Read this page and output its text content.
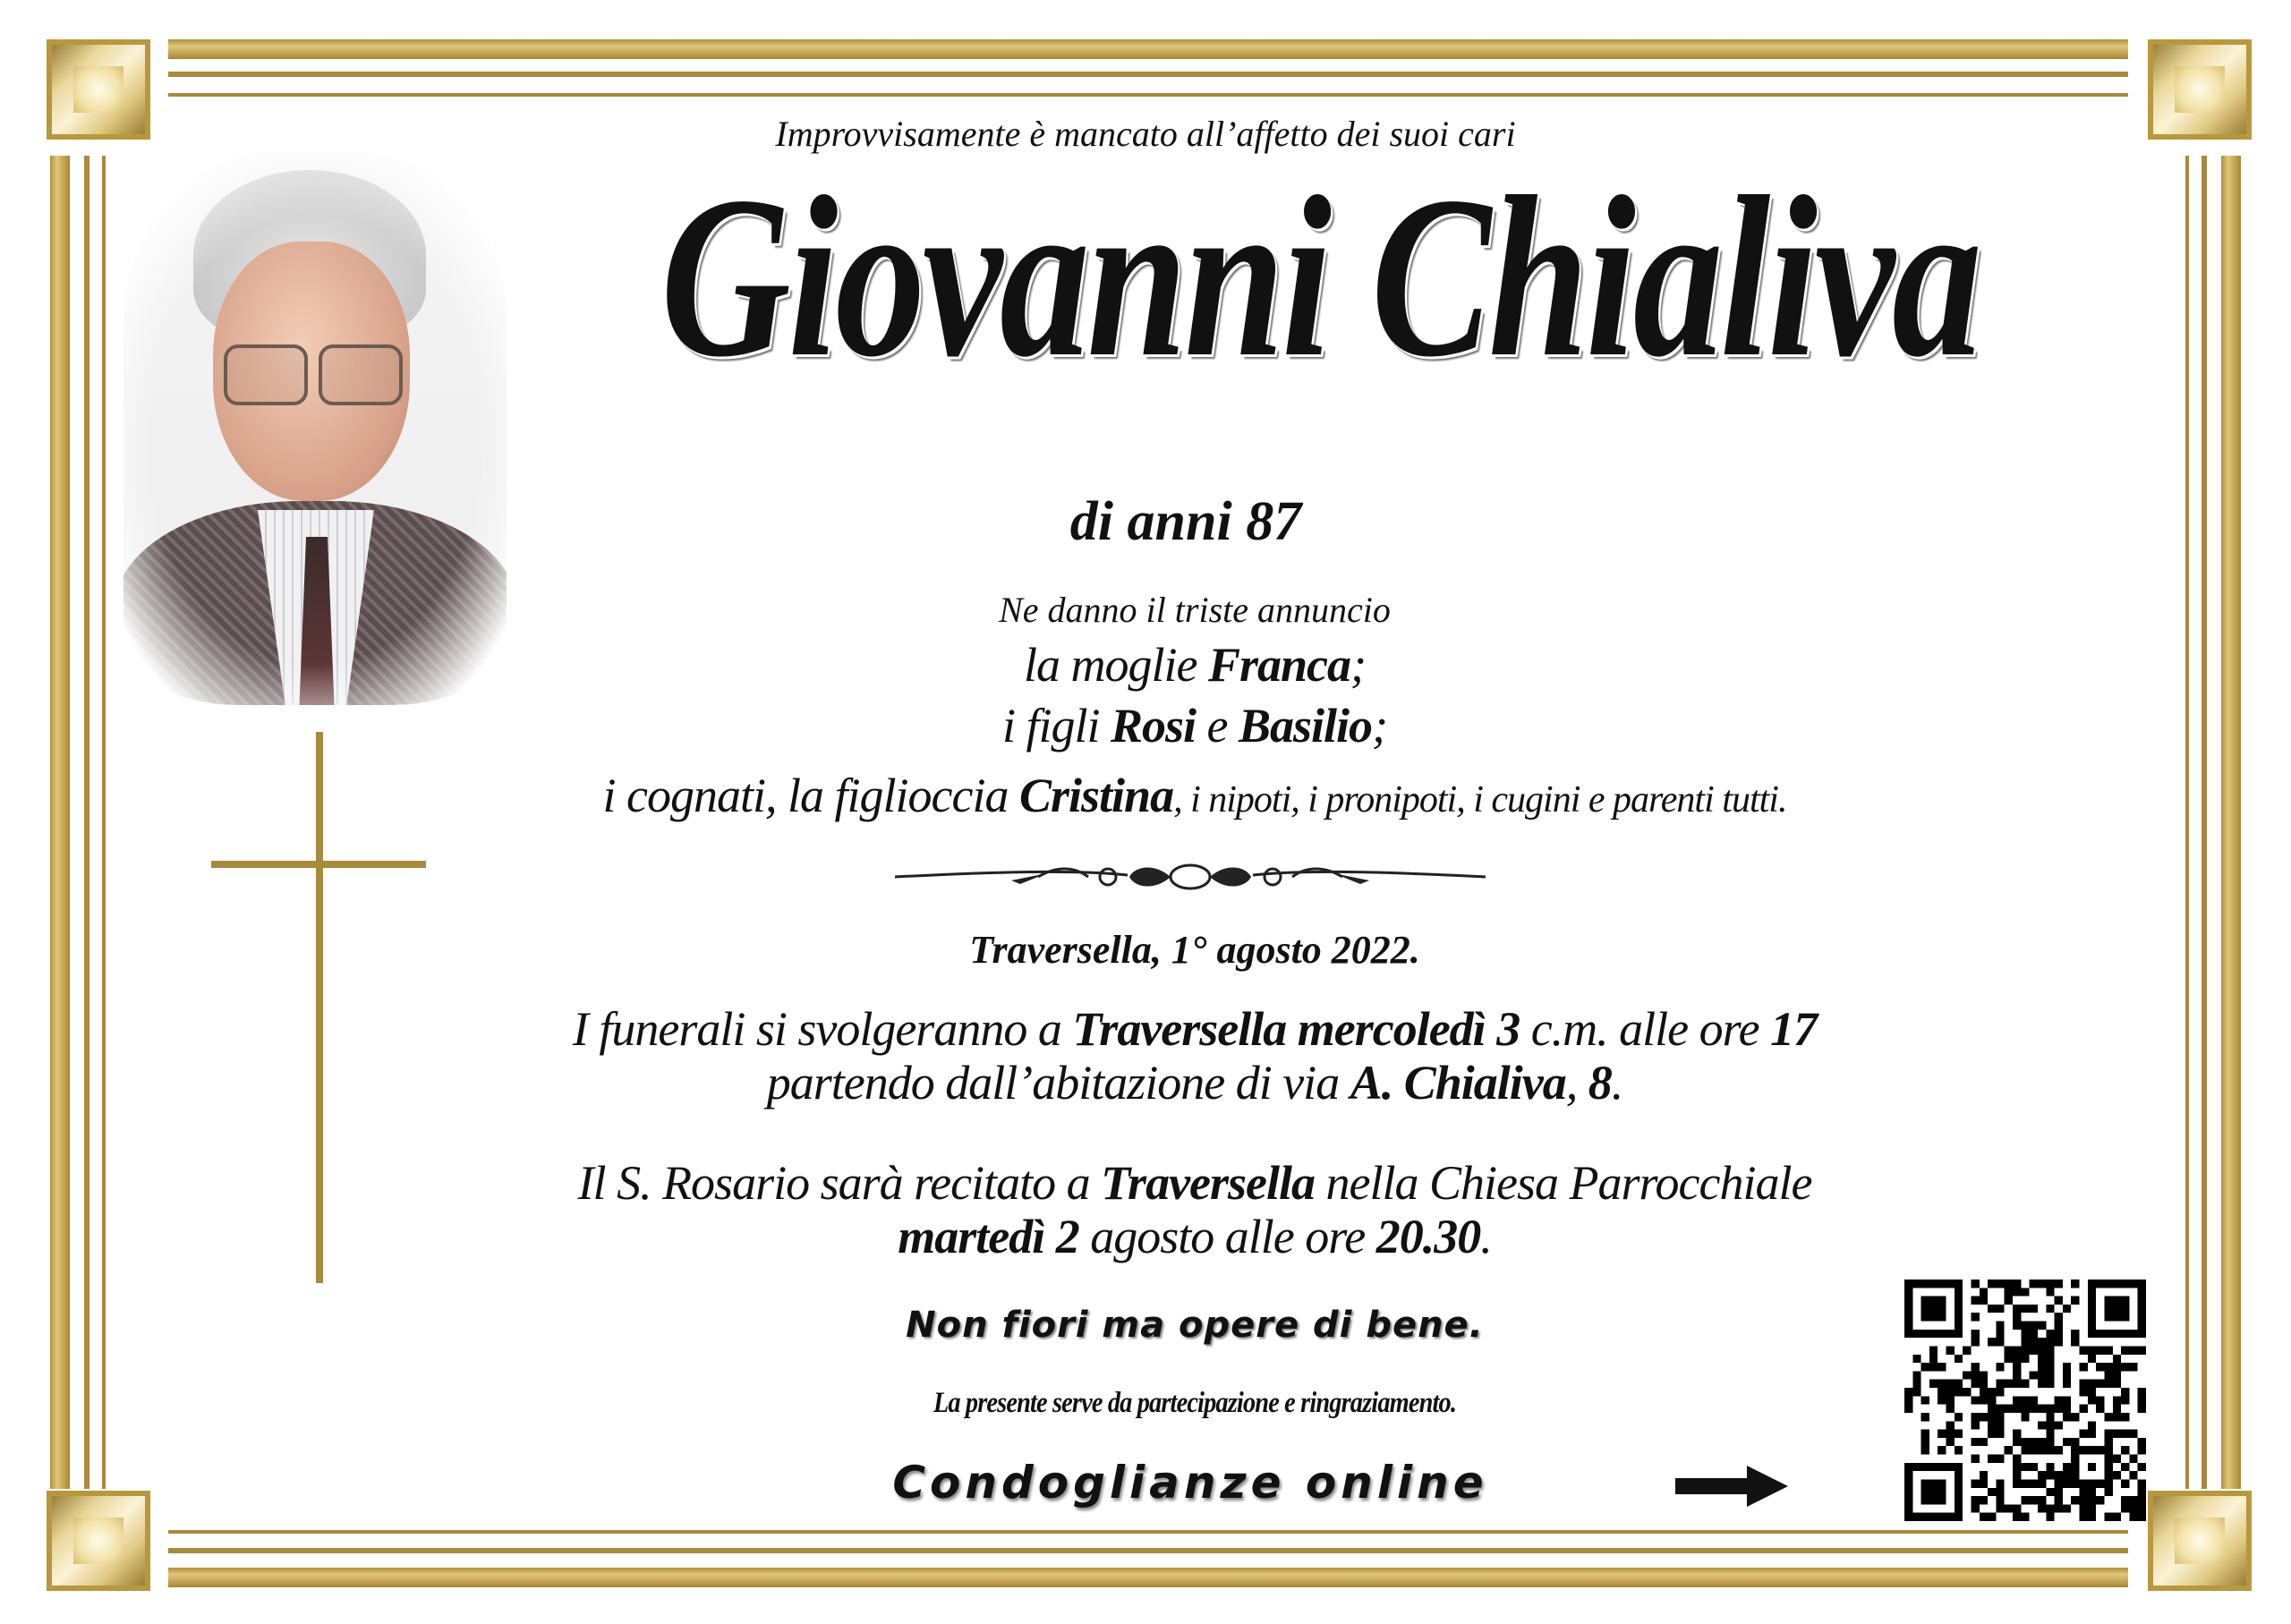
Improvvisamente è mancato all’affetto dei suoi cari
Giovanni Chialiva
di anni 87
Ne danno il triste annuncio
la moglie Franca;
i figli Rosi e Basilio;
i cognati, la figlioccia Cristina, i nipoti, i pronipoti, i cugini e parenti tutti.
Traversella, 1° agosto 2022.
I funerali si svolgeranno a Traversella mercoledì 3 c.m. alle ore 17
partendo dall’abitazione di via A. Chialiva, 8.
Il S. Rosario sarà recitato a Traversella nella Chiesa Parrocchiale
martedì 2 agosto alle ore 20.30.
Non fiori ma opere di bene.
La presente serve da partecipazione e ringraziamento.
Condoglianze online
